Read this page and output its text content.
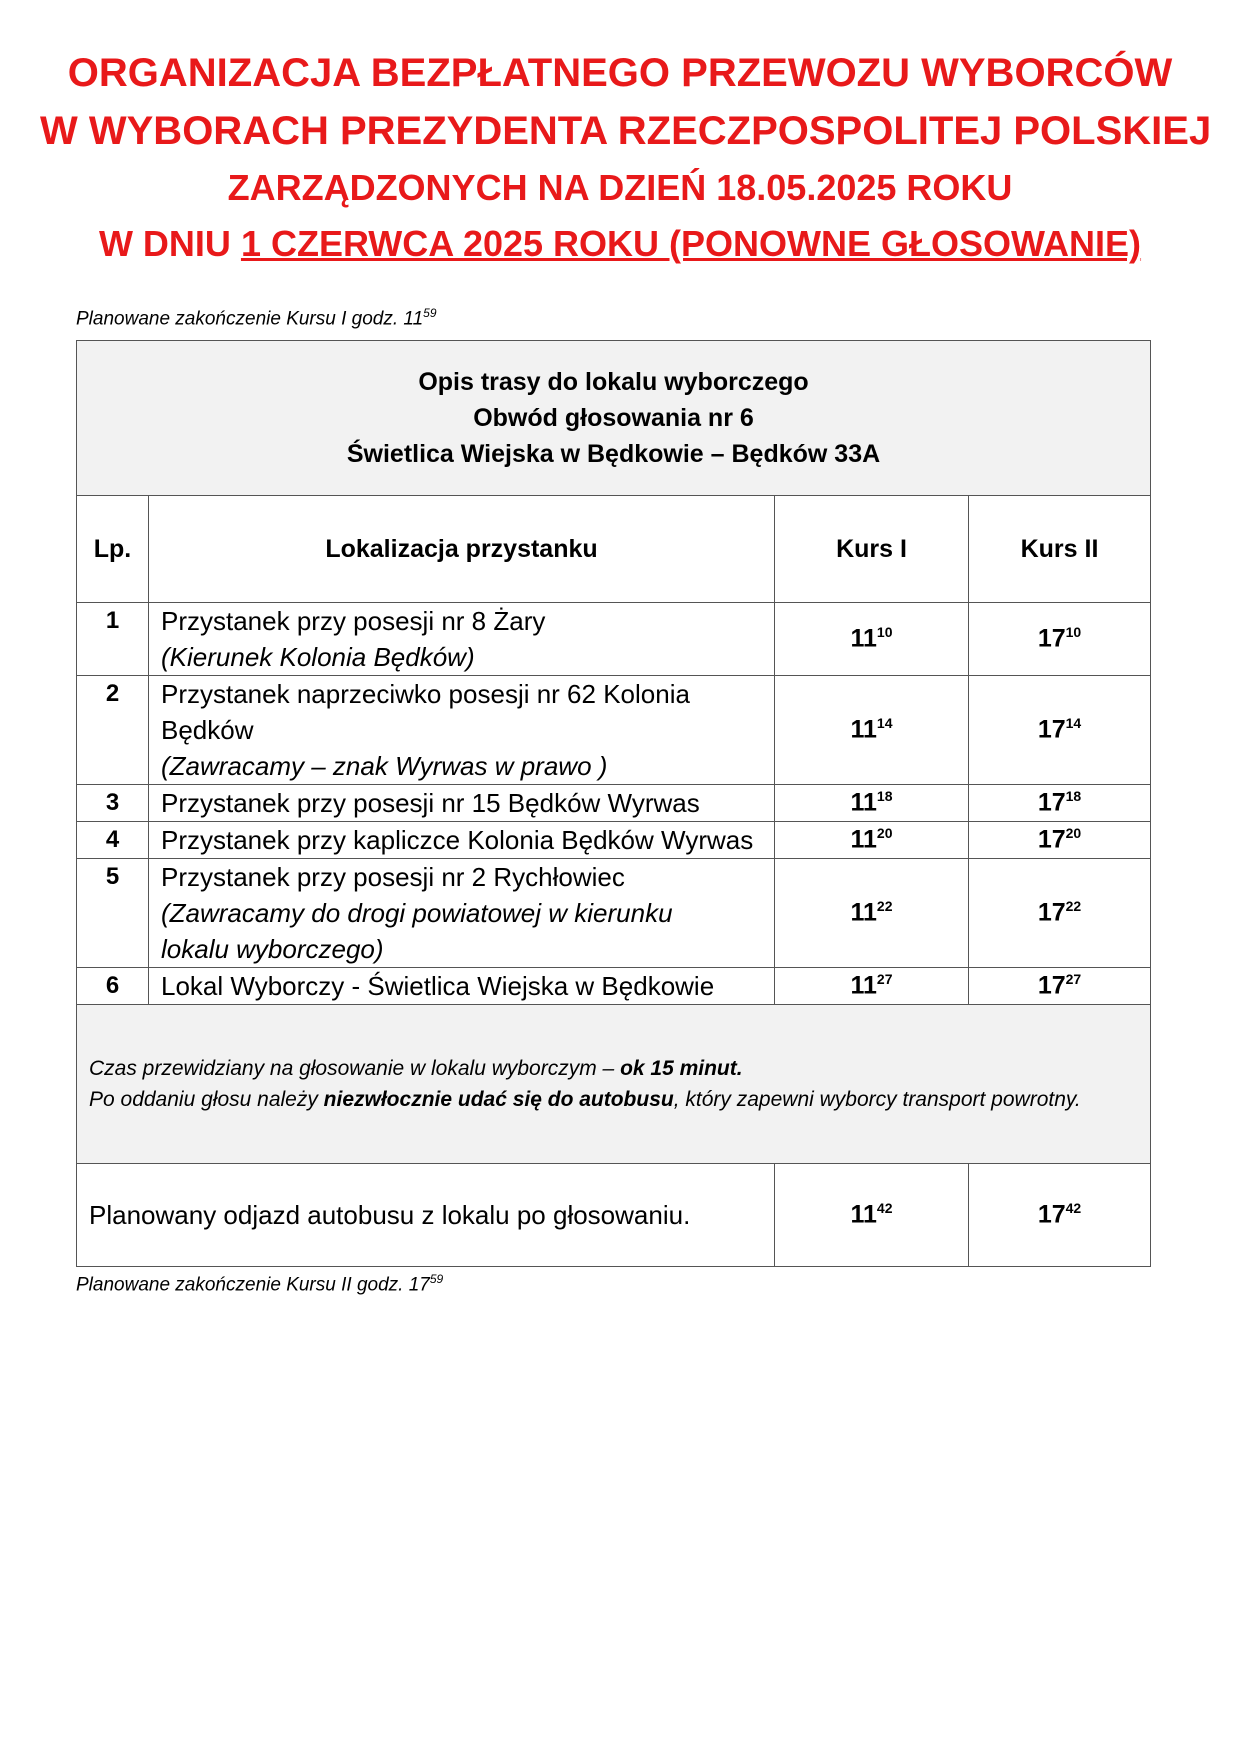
ORGANIZACJA BEZPŁATNEGO PRZEWOZU WYBORCÓW
W WYBORACH PREZYDENTA RZECZPOSPOLITEJ POLSKIEJ
ZARZĄDZONYCH NA DZIEŃ 18.05.2025 ROKU
W DNIU 1 CZERWCA 2025 ROKU (PONOWNE GŁOSOWANIE)
Planowane zakończenie Kursu I godz. $11^{59}$
Opis trasy do lokalu wyborczego
Obwód głosowania nr 6
Świetlica Wiejska w Będkowie – Będków 33A			

Lp.	Lokalizacja przystanku	Kurs I	Kurs II
1	Przystanek przy posesji nr 8 Żary
(Kierunek Kolonia Będków)	$11^{10}$	$17^{10}$
2	Przystanek naprzeciwko posesji nr 62 Kolonia
Będków
(Zawracamy – znak Wyrwas w prawo )	$11^{14}$	$17^{14}$
3	Przystanek przy posesji nr 15 Będków Wyrwas	$11^{18}$	$17^{18}$
4	Przystanek przy kapliczce Kolonia Będków Wyrwas	$11^{20}$	$17^{20}$
5	Przystanek przy posesji nr 2 Rychłowiec
(Zawracamy do drogi powiatowej w kierunku
lokalu wyborczego)	$11^{22}$	$17^{22}$
6	Lokal Wyborczy - Świetlica Wiejska w Będkowie	$11^{27}$	$17^{27}$

Czas przewidziany na głosowanie w lokalu wyborczym – ok 15 minut.
Po oddaniu głosu należy niezwłocznie udać się do autobusu, który zapewni wyborcy transport powrotny.			

Planowany odjazd autobusu z lokalu po głosowaniu.		$11^{42}$	$17^{42}$
Planowane zakończenie Kursu II godz. $17^{59}$
